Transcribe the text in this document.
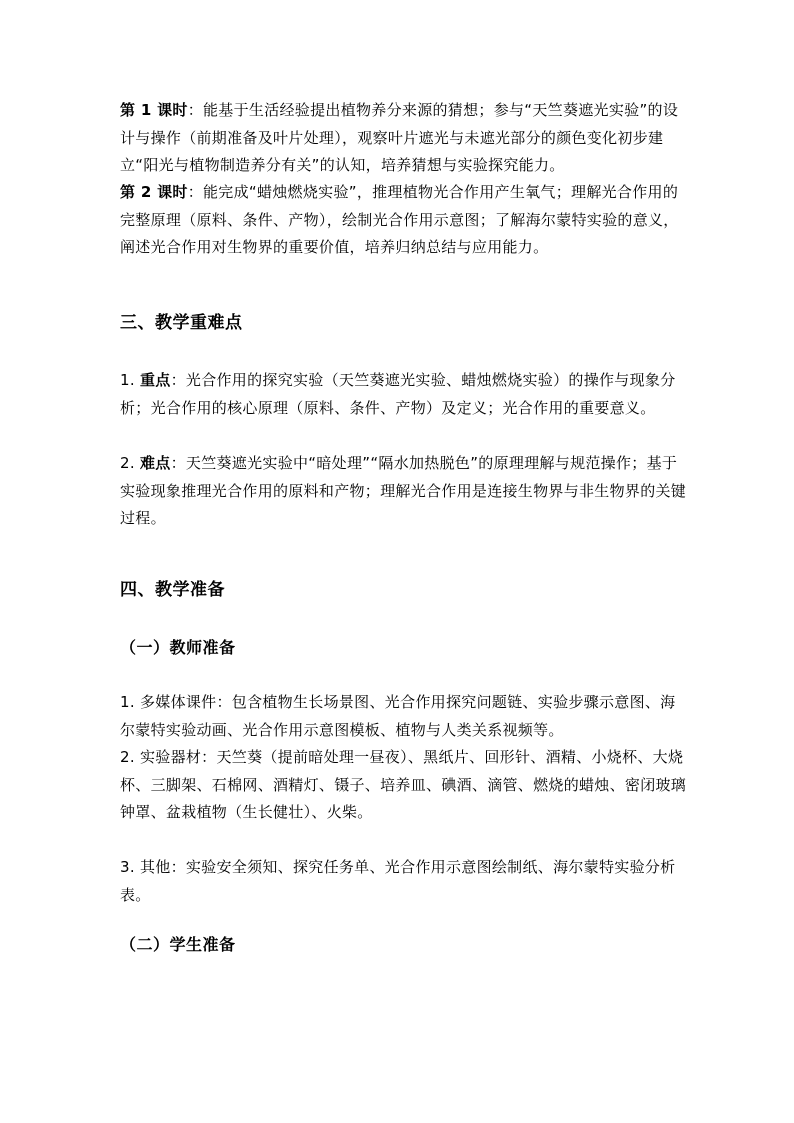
第 1 课时：能基于生活经验提出植物养分来源的猜想；参与“天竺葵遮光实验”的设计与操作（前期准备及叶片处理），观察叶片遮光与未遮光部分的颜色变化初步建立“阳光与植物制造养分有关”的认知，培养猜想与实验探究能力。

第 2 课时：能完成“蜡烛燃烧实验”，推理植物光合作用产生氧气；理解光合作用的完整原理（原料、条件、产物），绘制光合作用示意图；了解海尔蒙特实验的意义，阐述光合作用对生物界的重要价值，培养归纳总结与应用能力。

三、教学重难点

1. 重点：光合作用的探究实验（天竺葵遮光实验、蜡烛燃烧实验）的操作与现象分析；光合作用的核心原理（原料、条件、产物）及定义；光合作用的重要意义。

2. 难点：天竺葵遮光实验中“暗处理”“隔水加热脱色”的原理理解与规范操作；基于实验现象推理光合作用的原料和产物；理解光合作用是连接生物界与非生物界的关键过程。

四、教学准备
（一）教师准备

1. 多媒体课件：包含植物生长场景图、光合作用探究问题链、实验步骤示意图、海尔蒙特实验动画、光合作用示意图模板、植物与人类关系视频等。

2. 实验器材：天竺葵（提前暗处理一昼夜）、黑纸片、回形针、酒精、小烧杯、大烧杯、三脚架、石棉网、酒精灯、镊子、培养皿、碘酒、滴管、燃烧的蜡烛、密闭玻璃钟罩、盆栽植物（生长健壮）、火柴。

3. 其他：实验安全须知、探究任务单、光合作用示意图绘制纸、海尔蒙特实验分析表。

（二）学生准备
